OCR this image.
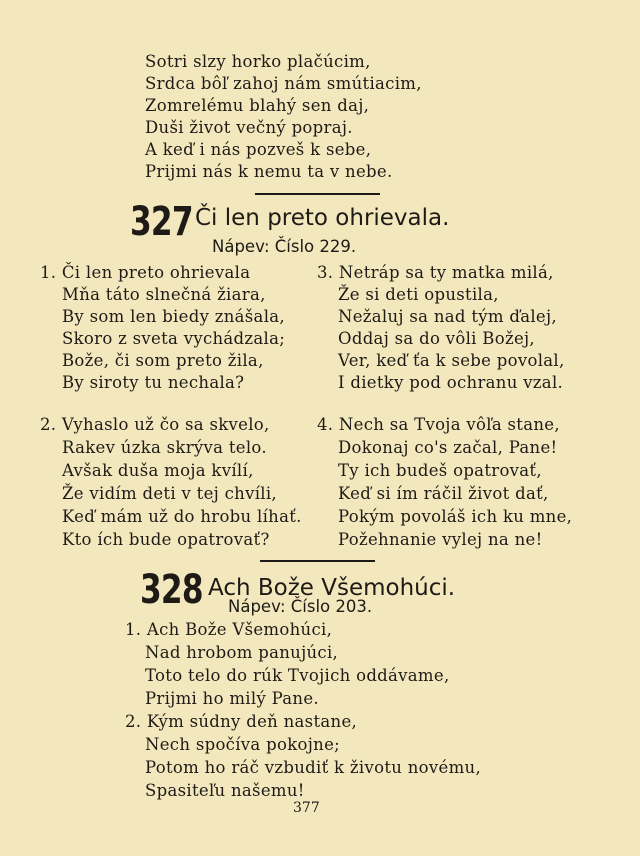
Sotri slzy horko plačúcim,
Srdca bôľ zahoj nám smútiacim,
Zomrelému blahý sen daj,
Duši život večný popraj.
A keď i nás pozveš k sebe,
Prijmi nás k nemu ta v nebe.
327 Či len preto ohrievala.
Nápev: Číslo 229.
1. Či len preto ohrievala
Mňa táto slnečná žiara,
By som len biedy znášala,
Skoro z sveta vychádzala;
Bože, či som preto žila,
By siroty tu nechala?
3. Netráp sa ty matka milá,
Že si deti opustila,
Nežaluj sa nad tým ďalej,
Oddaj sa do vôli Božej,
Ver, keď ťa k sebe povolal,
I dietky pod ochranu vzal.
2. Vyhaslo už čo sa skvelo,
Rakev úzka skrýva telo.
Avšak duša moja kvílí,
Že vidím deti v tej chvíli,
Keď mám už do hrobu líhať.
Kto ích bude opatrovať?
4. Nech sa Tvoja vôľa stane,
Dokonaj co's začal, Pane!
Ty ich budeš opatrovať,
Keď si ím ráčil život dať,
Pokým povoláš ich ku mne,
Požehnanie vylej na ne!
328 Ach Bože Všemohúci.
Nápev: Číslo 203.
1. Ach Bože Všemohúci,
Nad hrobom panujúci,
Toto telo do rúk Tvojich oddávame,
Prijmi ho milý Pane.
2. Kým súdny deň nastane,
Nech spočíva pokojne;
Potom ho ráč vzbudiť k životu novému,
Spasiteľu našemu!
377
